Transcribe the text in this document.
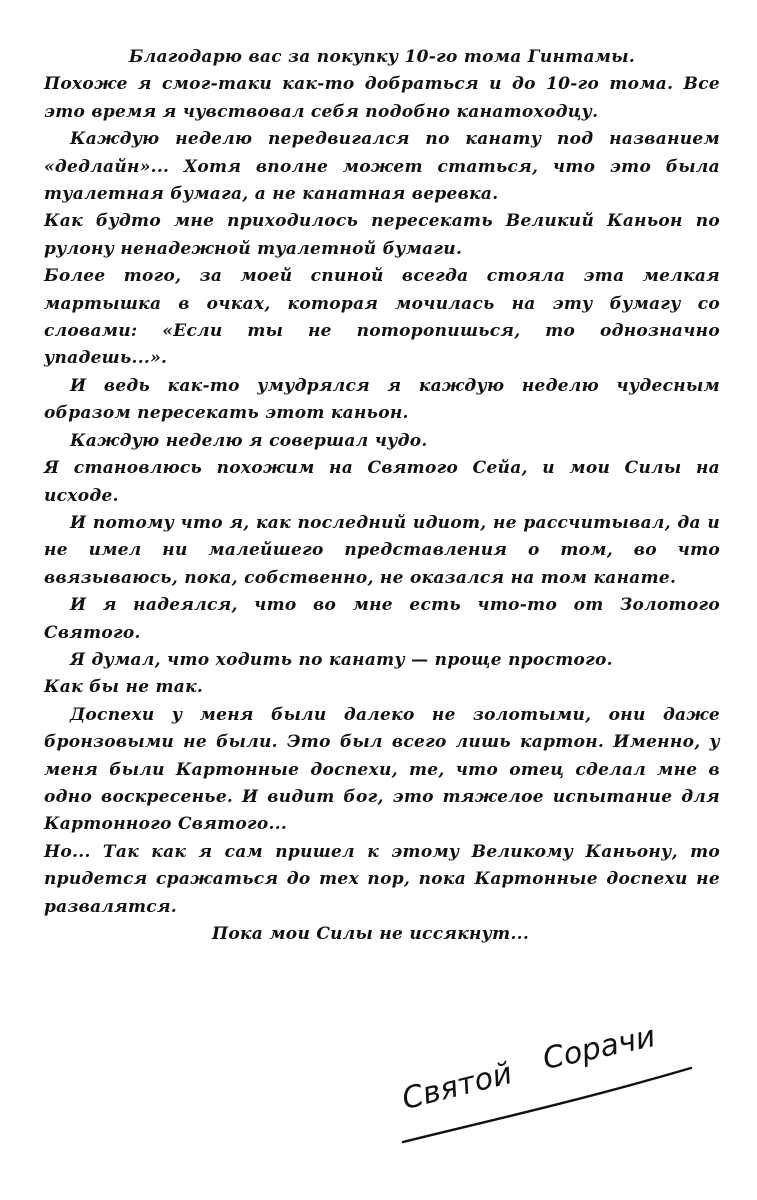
Благодарю вас за покупку 10-го тома Гинтамы.

Похоже я смог-таки как-то добраться и до 10-го тома. Все это время я чувствовал себя подобно канатоходцу.

Каждую неделю передвигался по канату под названием «дедлайн»... Хотя вполне может статься, что это была туалетная бумага, а не канатная веревка.

Как будто мне приходилось пересекать Великий Каньон по рулону ненадежной туалетной бумаги.

Более того, за моей спиной всегда стояла эта мелкая мартышка в очках, которая мочилась на эту бумагу со словами: «Если ты не поторопишься, то однозначно упадешь...».

И ведь как-то умудрялся я каждую неделю чудесным образом пересекать этот каньон.

Каждую неделю я совершал чудо.

Я становлюсь похожим на Святого Сейа, и мои Силы на исходе.

И потому что я, как последний идиот, не рассчитывал, да и не имел ни малейшего представления о том, во что ввязываюсь, пока, собственно, не оказался на том канате.

И я надеялся, что во мне есть что-то от Золотого Святого.

Я думал, что ходить по канату — проще простого.

Как бы не так.

Доспехи у меня были далеко не золотыми, они даже бронзовыми не были. Это был всего лишь картон. Именно, у меня были Картонные доспехи, те, что отец сделал мне в одно воскресенье. И видит бог, это тяжелое испытание для Картонного Святого...

Но... Так как я сам пришел к этому Великому Каньону, то придется сражаться до тех пор, пока Картонные доспехи не развалятся.

Пока мои Силы не иссякнут...

Святой
Сорачи
